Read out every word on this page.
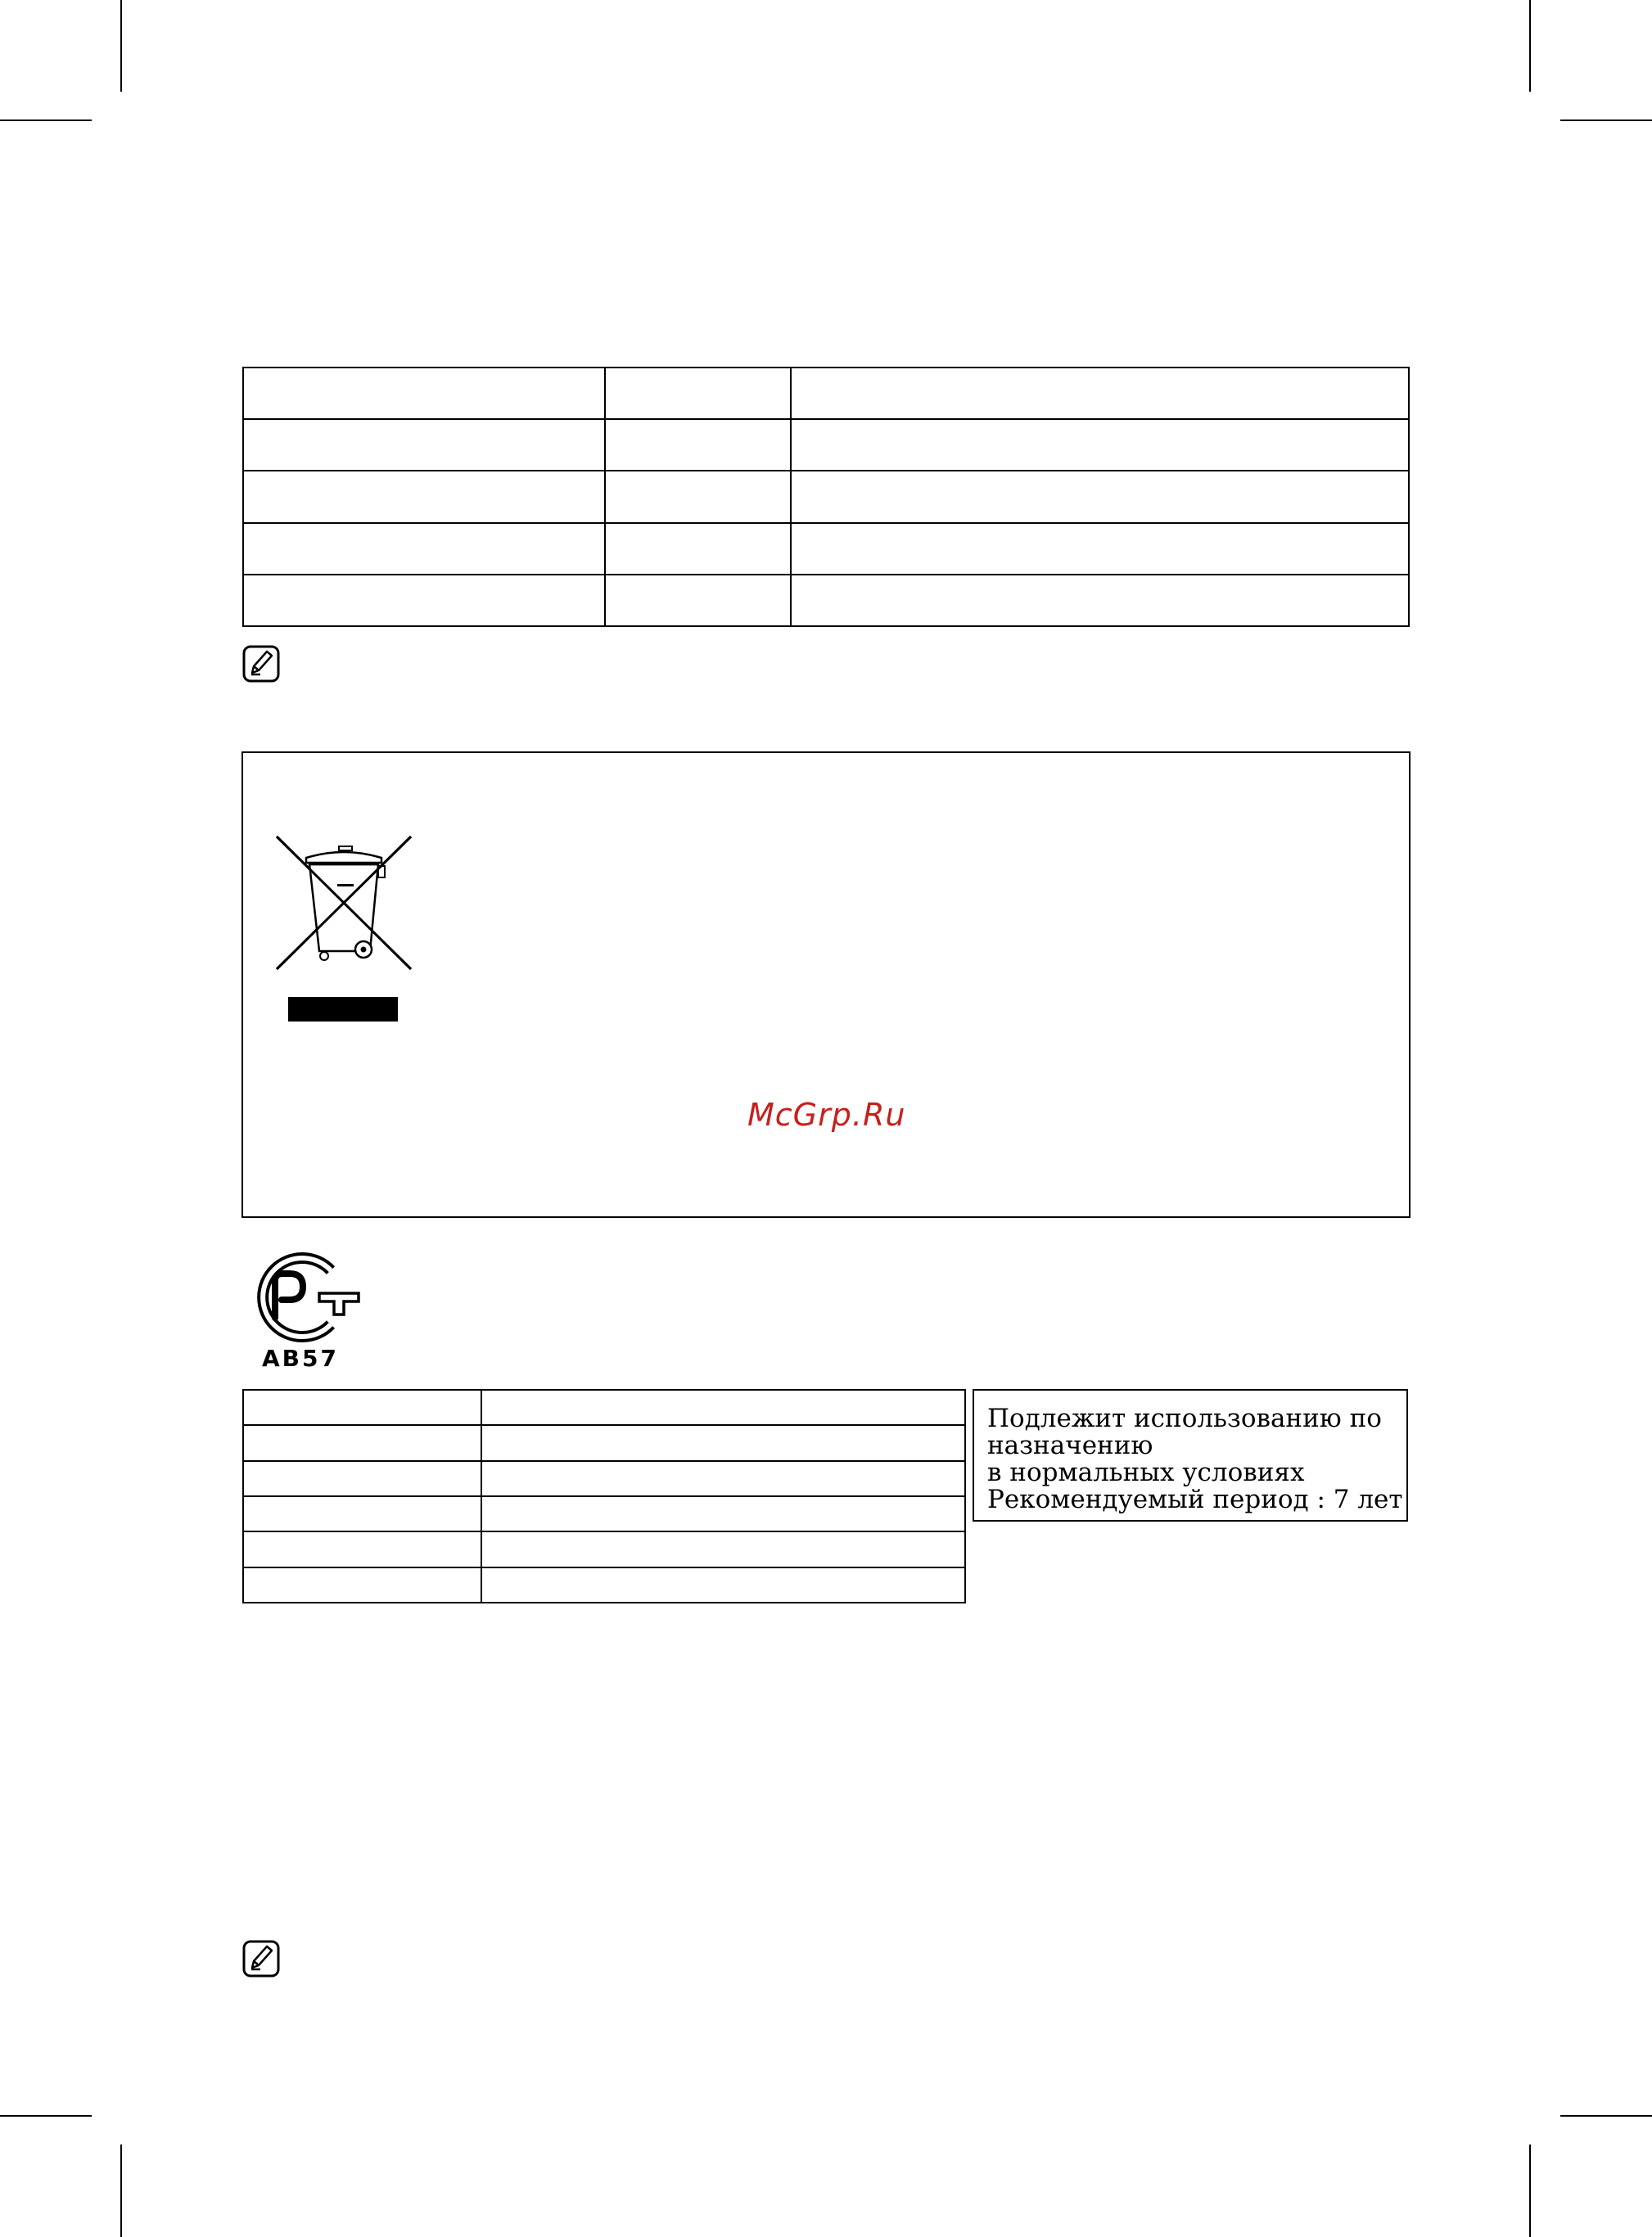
McGrp.Ru
AB57

Подлежит использованию по
назначению
в нормальных условиях
Рекомендуемый период : 7 лет
